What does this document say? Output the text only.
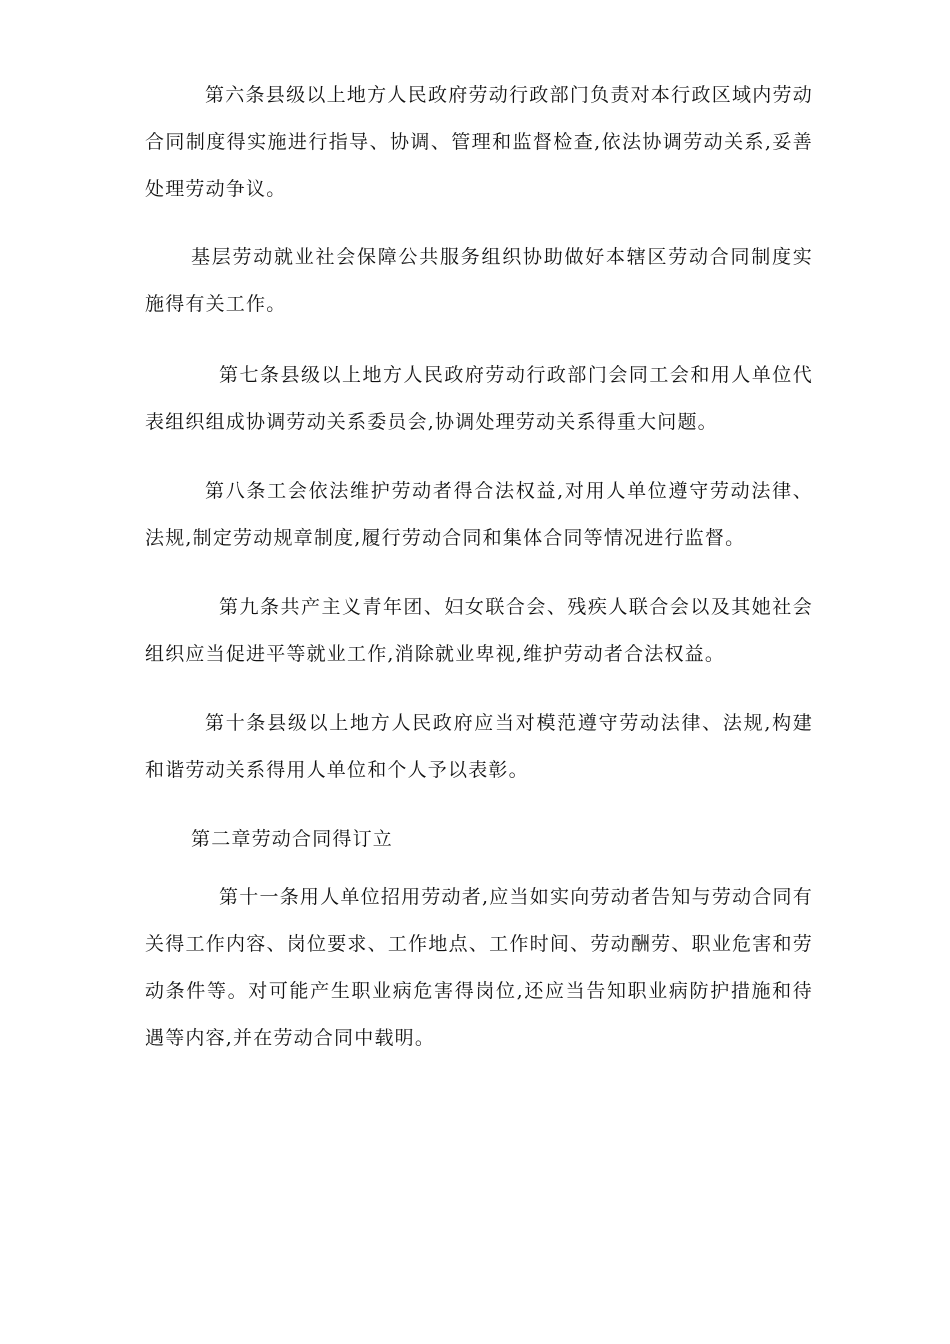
第六条县级以上地方人民政府劳动行政部门负责对本行政区域内劳动合同制度得实施进行指导、协调、管理和监督检查,依法协调劳动关系,妥善处理劳动争议。

基层劳动就业社会保障公共服务组织协助做好本辖区劳动合同制度实施得有关工作。

第七条县级以上地方人民政府劳动行政部门会同工会和用人单位代表组织组成协调劳动关系委员会,协调处理劳动关系得重大问题。

第八条工会依法维护劳动者得合法权益,对用人单位遵守劳动法律、法规,制定劳动规章制度,履行劳动合同和集体合同等情况进行监督。

第九条共产主义青年团、妇女联合会、残疾人联合会以及其她社会组织应当促进平等就业工作,消除就业卑视,维护劳动者合法权益。

第十条县级以上地方人民政府应当对模范遵守劳动法律、法规,构建和谐劳动关系得用人单位和个人予以表彰。

第二章劳动合同得订立

第十一条用人单位招用劳动者,应当如实向劳动者告知与劳动合同有关得工作内容、岗位要求、工作地点、工作时间、劳动酬劳、职业危害和劳动条件等。对可能产生职业病危害得岗位,还应当告知职业病防护措施和待遇等内容,并在劳动合同中载明。
